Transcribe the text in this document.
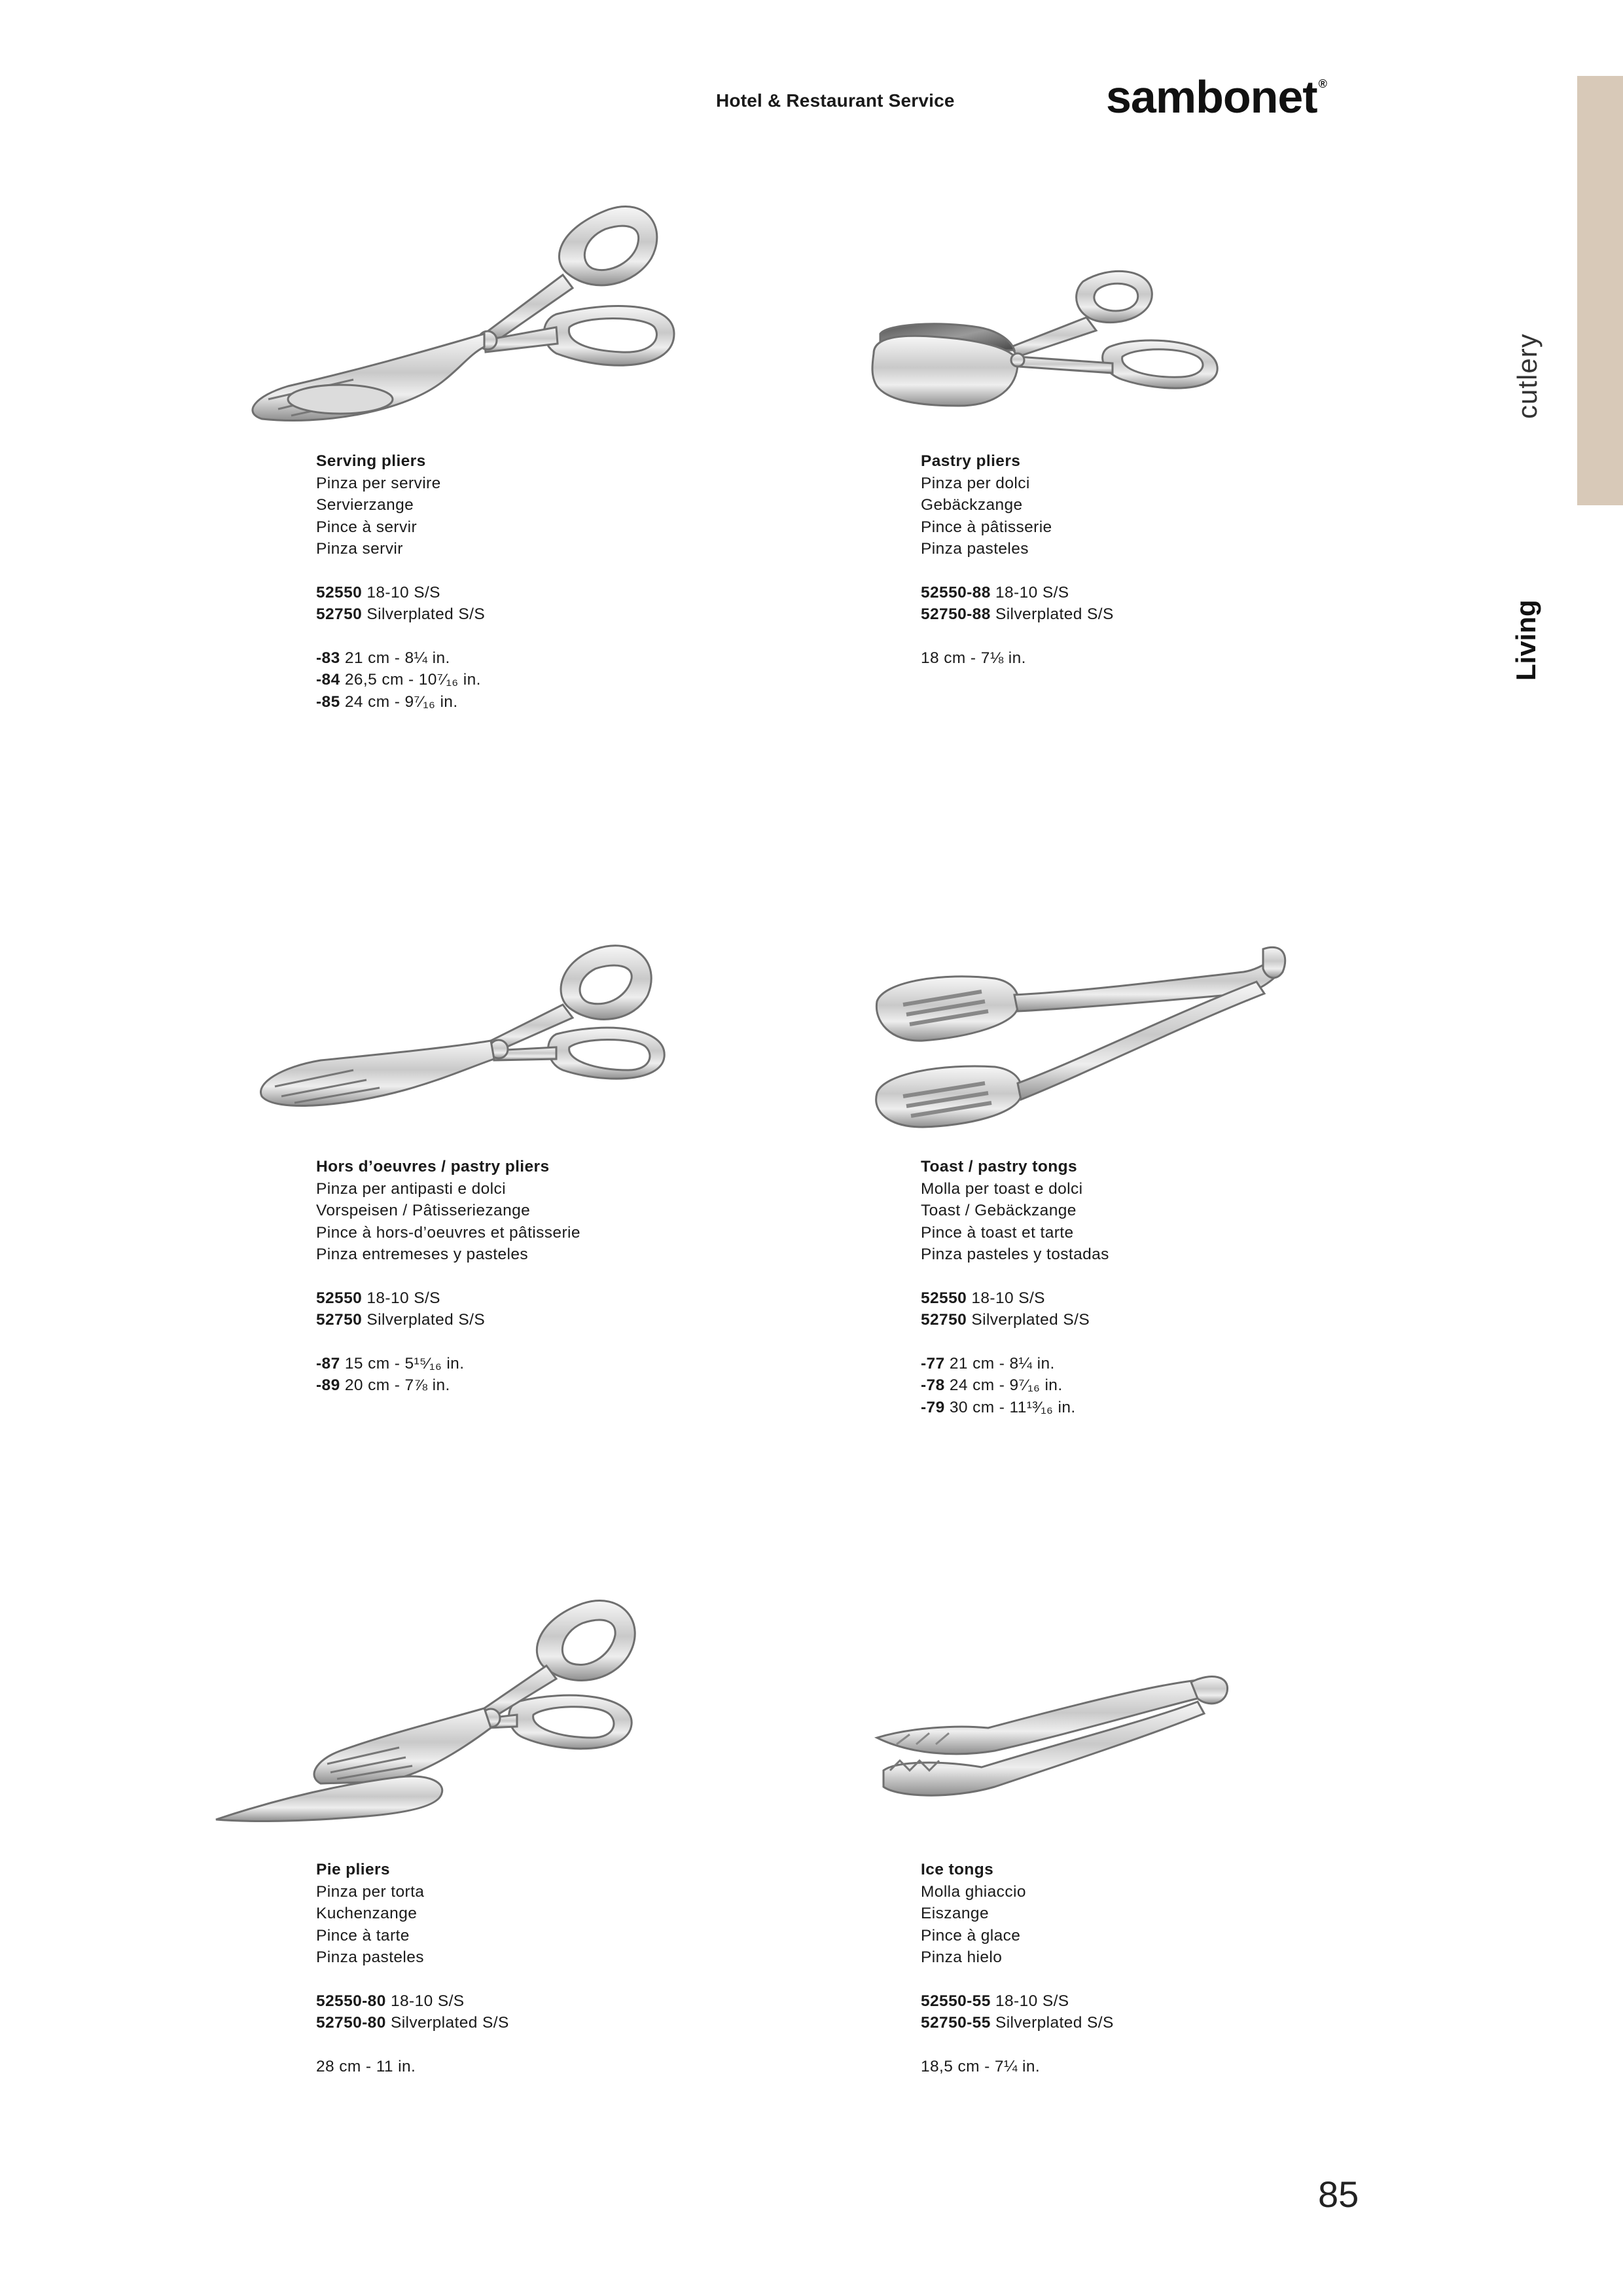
Hotel & Restaurant Service	sambonet ®
cutlery
Living
Serving pliers
Pinza per servire
Servierzange
Pince à servir
Pinza servir
52550 18-10 S/S
52750 Silverplated S/S
-83 21 cm - 8¼ in.
-84 26,5 cm - 10⁷⁄₁₆ in.
-85 24 cm - 9⁷⁄₁₆ in.
Pastry pliers
Pinza per dolci
Gebäckzange
Pince à pâtisserie
Pinza pasteles
52550-88 18-10 S/S
52750-88 Silverplated S/S
18 cm - 7⅛ in.
Hors d’oeuvres / pastry pliers
Pinza per antipasti e dolci
Vorspeisen / Pâtisseriezange
Pince à hors-d’oeuvres et pâtisserie
Pinza entremeses y pasteles
52550 18-10 S/S
52750 Silverplated S/S
-87 15 cm - 5¹⁵⁄₁₆ in.
-89 20 cm - 7⅞ in.
Toast / pastry tongs
Molla per toast e dolci
Toast / Gebäckzange
Pince à toast et tarte
Pinza pasteles y tostadas
52550 18-10 S/S
52750 Silverplated S/S
-77 21 cm - 8¼ in.
-78 24 cm - 9⁷⁄₁₆ in.
-79 30 cm - 11¹³⁄₁₆ in.
Pie pliers
Pinza per torta
Kuchenzange
Pince à tarte
Pinza pasteles
52550-80 18-10 S/S
52750-80 Silverplated S/S
28 cm - 11 in.
Ice tongs
Molla ghiaccio
Eiszange
Pince à glace
Pinza hielo
52550-55 18-10 S/S
52750-55 Silverplated S/S
18,5 cm - 7¼ in.
85
